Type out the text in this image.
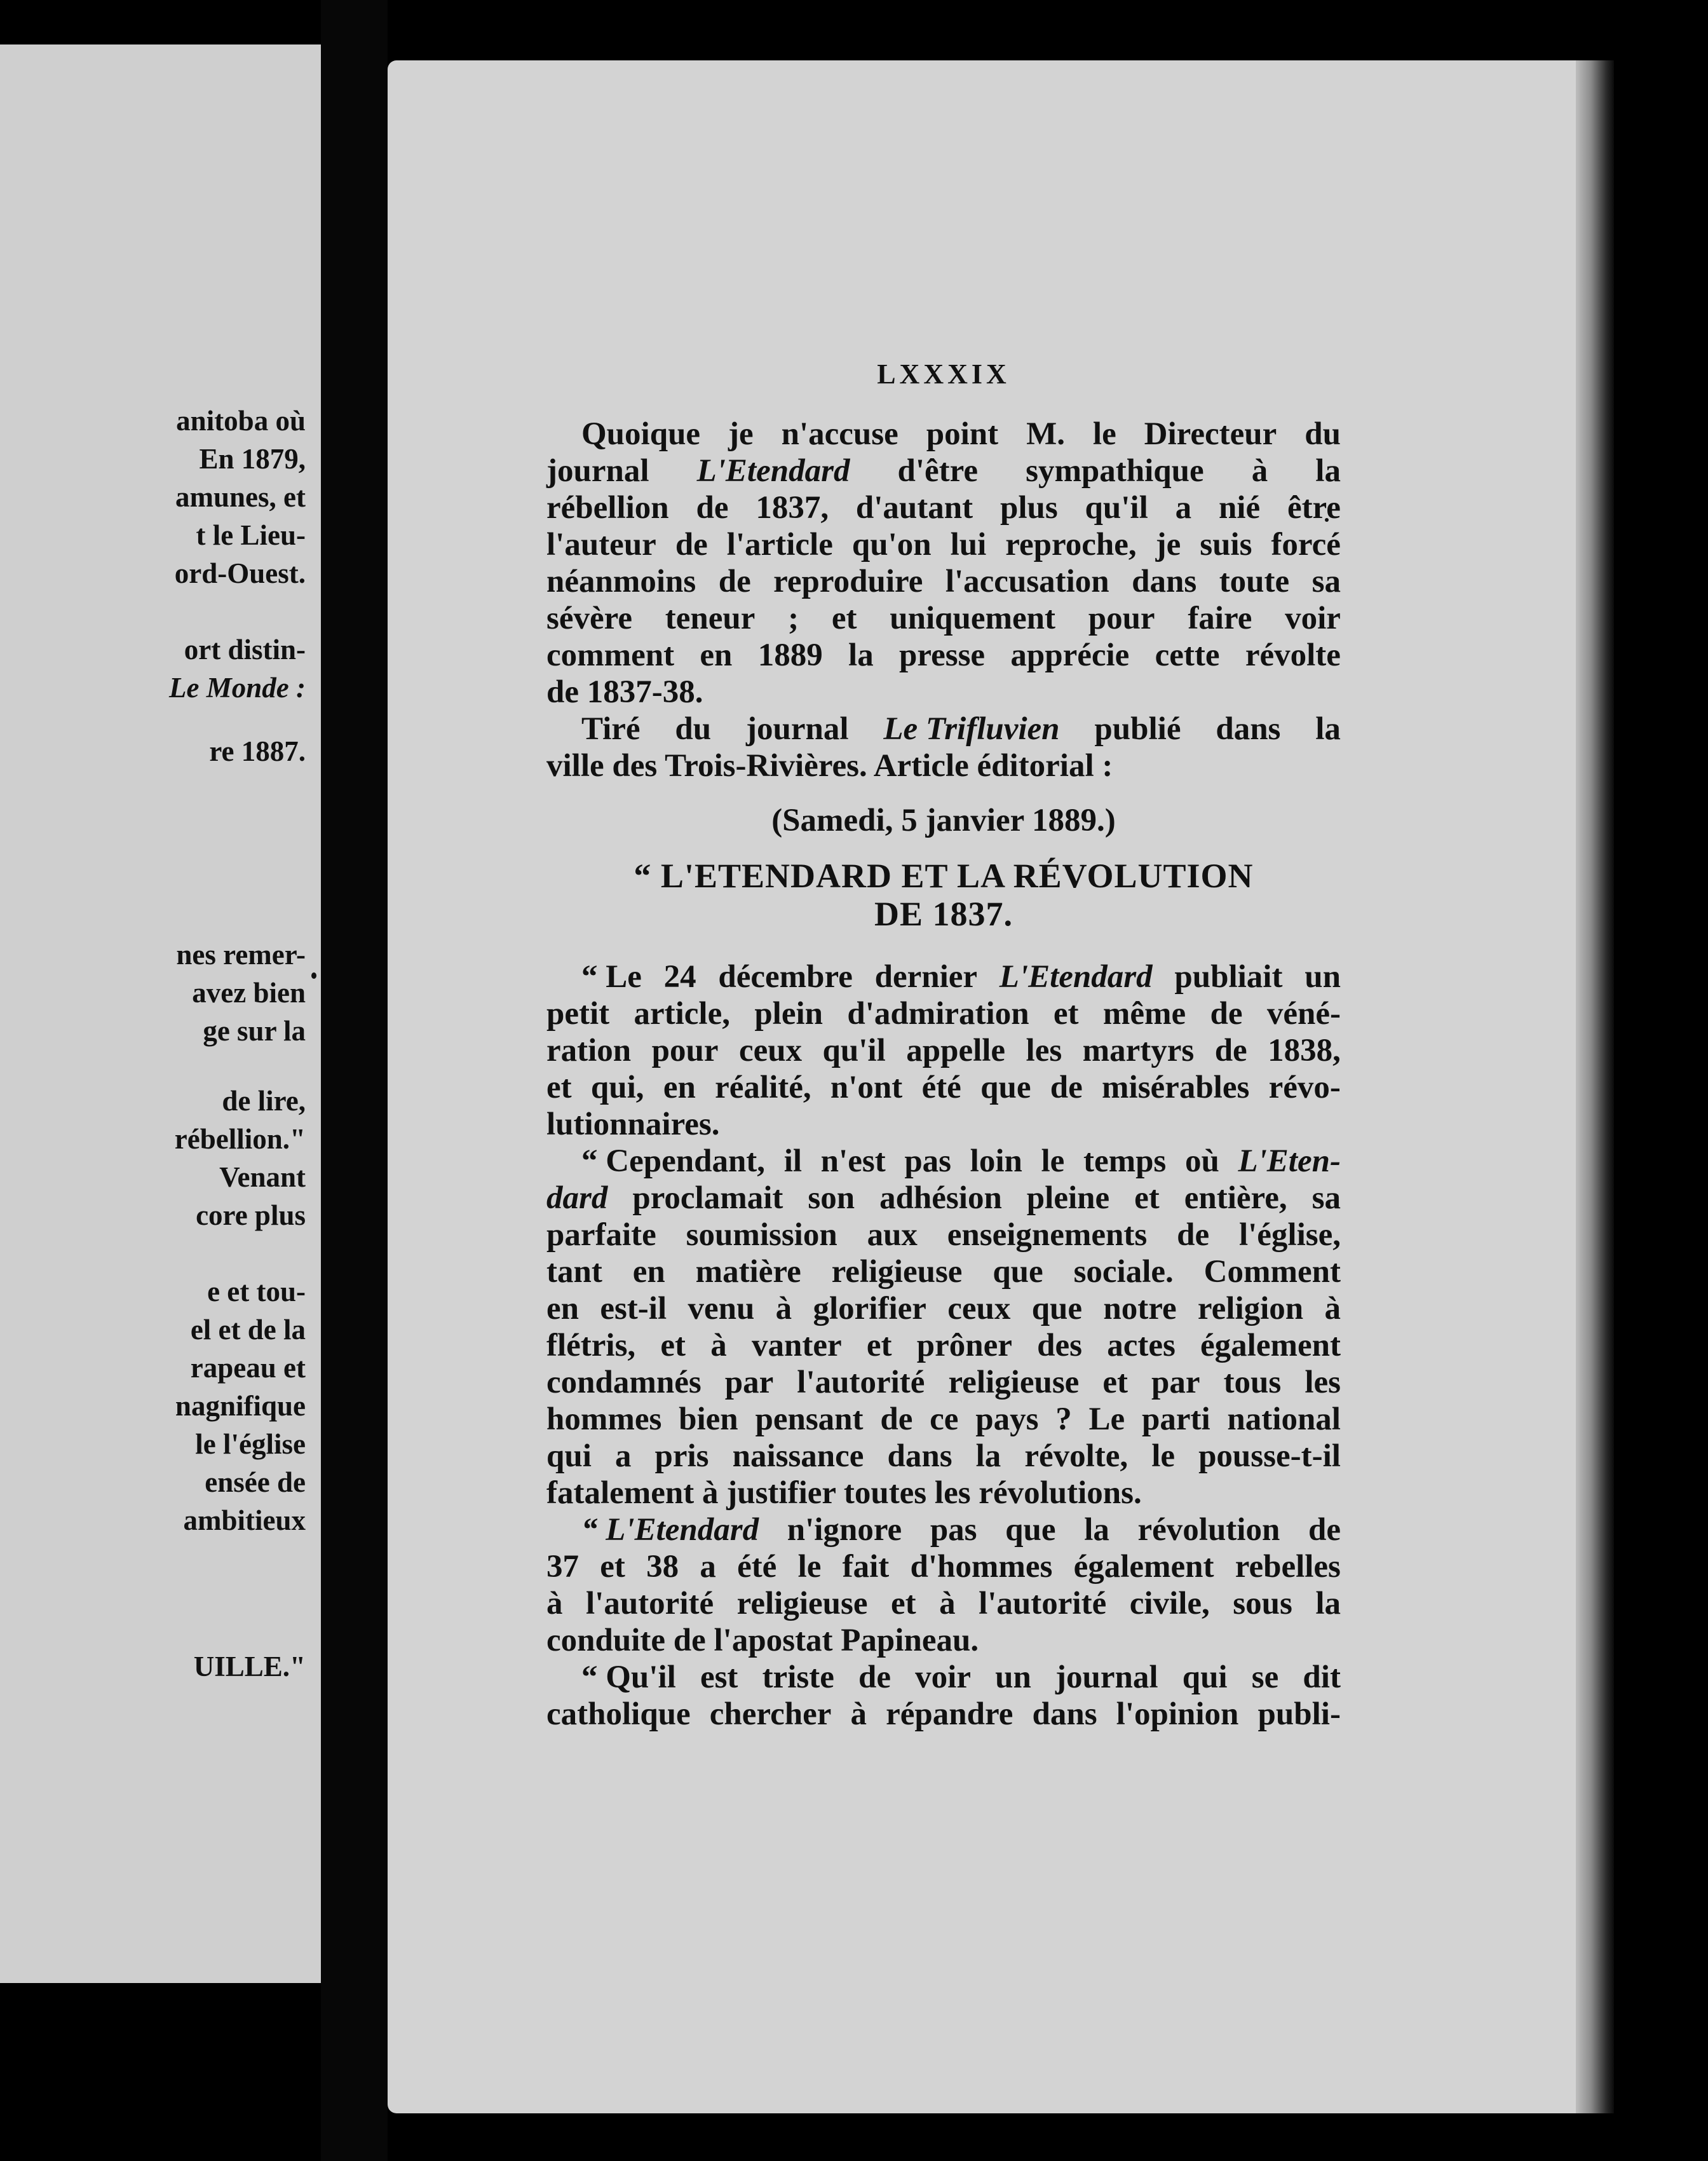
anitoba où
En 1879,
amunes, et
t le Lieu-
ord-Ouest.
ort distin-
Le Monde :
re 1887.
nes remer-
avez bien
ge sur la
de lire,
rébellion."
Venant
core plus
e et tou-
el et de la
rapeau et
nagnifique
le l'église
ensée de
ambitieux
UILLE."
LXXXIX
Quoique je n'accuse point M. le Directeur du
journal L'Etendard d'être sympathique à la
rébellion de 1837, d'autant plus qu'il a nié être
l'auteur de l'article qu'on lui reproche, je suis forcé
néanmoins de reproduire l'accusation dans toute sa
sévère teneur ; et uniquement pour faire voir
comment en 1889 la presse apprécie cette révolte
de 1837-38.
Tiré du journal Le Trifluvien publié dans la
ville des Trois-Rivières. Article éditorial :
(Samedi, 5 janvier 1889.)
“ L'ETENDARD ET LA RÉVOLUTION
DE 1837.
“ Le 24 décembre dernier L'Etendard publiait un
petit article, plein d'admiration et même de véné-
ration pour ceux qu'il appelle les martyrs de 1838,
et qui, en réalité, n'ont été que de misérables révo-
lutionnaires.
“ Cependant, il n'est pas loin le temps où L'Eten-
dard proclamait son adhésion pleine et entière, sa
parfaite soumission aux enseignements de l'église,
tant en matière religieuse que sociale. Comment
en est-il venu à glorifier ceux que notre religion à
flétris, et à vanter et prôner des actes également
condamnés par l'autorité religieuse et par tous les
hommes bien pensant de ce pays ? Le parti national
qui a pris naissance dans la révolte, le pousse-t-il
fatalement à justifier toutes les révolutions.
“ L'Etendard n'ignore pas que la révolution de
37 et 38 a été le fait d'hommes également rebelles
à l'autorité religieuse et à l'autorité civile, sous la
conduite de l'apostat Papineau.
“ Qu'il est triste de voir un journal qui se dit
catholique chercher à répandre dans l'opinion publi-
